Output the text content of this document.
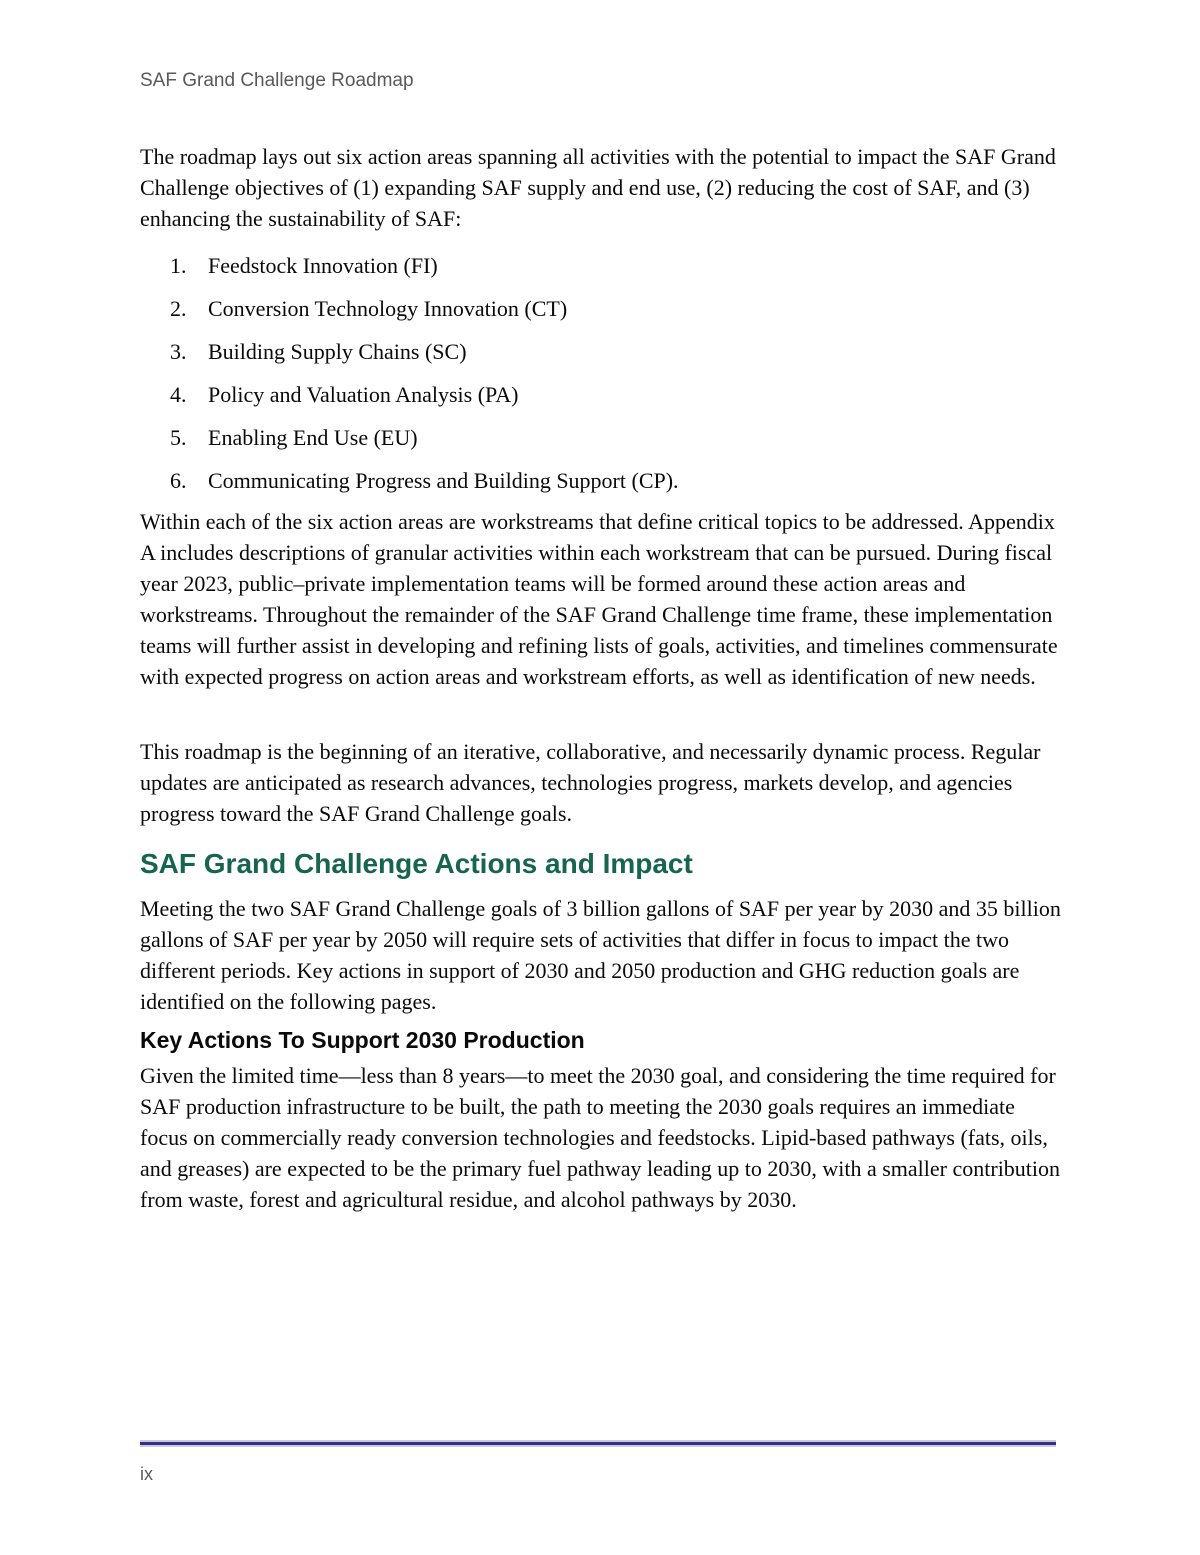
SAF Grand Challenge Roadmap
The roadmap lays out six action areas spanning all activities with the potential to impact the SAF Grand Challenge objectives of (1) expanding SAF supply and end use, (2) reducing the cost of SAF, and (3) enhancing the sustainability of SAF:
1. Feedstock Innovation (FI)
2. Conversion Technology Innovation (CT)
3. Building Supply Chains (SC)
4. Policy and Valuation Analysis (PA)
5. Enabling End Use (EU)
6. Communicating Progress and Building Support (CP).
Within each of the six action areas are workstreams that define critical topics to be addressed. Appendix A includes descriptions of granular activities within each workstream that can be pursued. During fiscal year 2023, public–private implementation teams will be formed around these action areas and workstreams. Throughout the remainder of the SAF Grand Challenge time frame, these implementation teams will further assist in developing and refining lists of goals, activities, and timelines commensurate with expected progress on action areas and workstream efforts, as well as identification of new needs.
This roadmap is the beginning of an iterative, collaborative, and necessarily dynamic process. Regular updates are anticipated as research advances, technologies progress, markets develop, and agencies progress toward the SAF Grand Challenge goals.
SAF Grand Challenge Actions and Impact
Meeting the two SAF Grand Challenge goals of 3 billion gallons of SAF per year by 2030 and 35 billion gallons of SAF per year by 2050 will require sets of activities that differ in focus to impact the two different periods. Key actions in support of 2030 and 2050 production and GHG reduction goals are identified on the following pages.
Key Actions To Support 2030 Production
Given the limited time—less than 8 years—to meet the 2030 goal, and considering the time required for SAF production infrastructure to be built, the path to meeting the 2030 goals requires an immediate focus on commercially ready conversion technologies and feedstocks. Lipid-based pathways (fats, oils, and greases) are expected to be the primary fuel pathway leading up to 2030, with a smaller contribution from waste, forest and agricultural residue, and alcohol pathways by 2030.
ix
